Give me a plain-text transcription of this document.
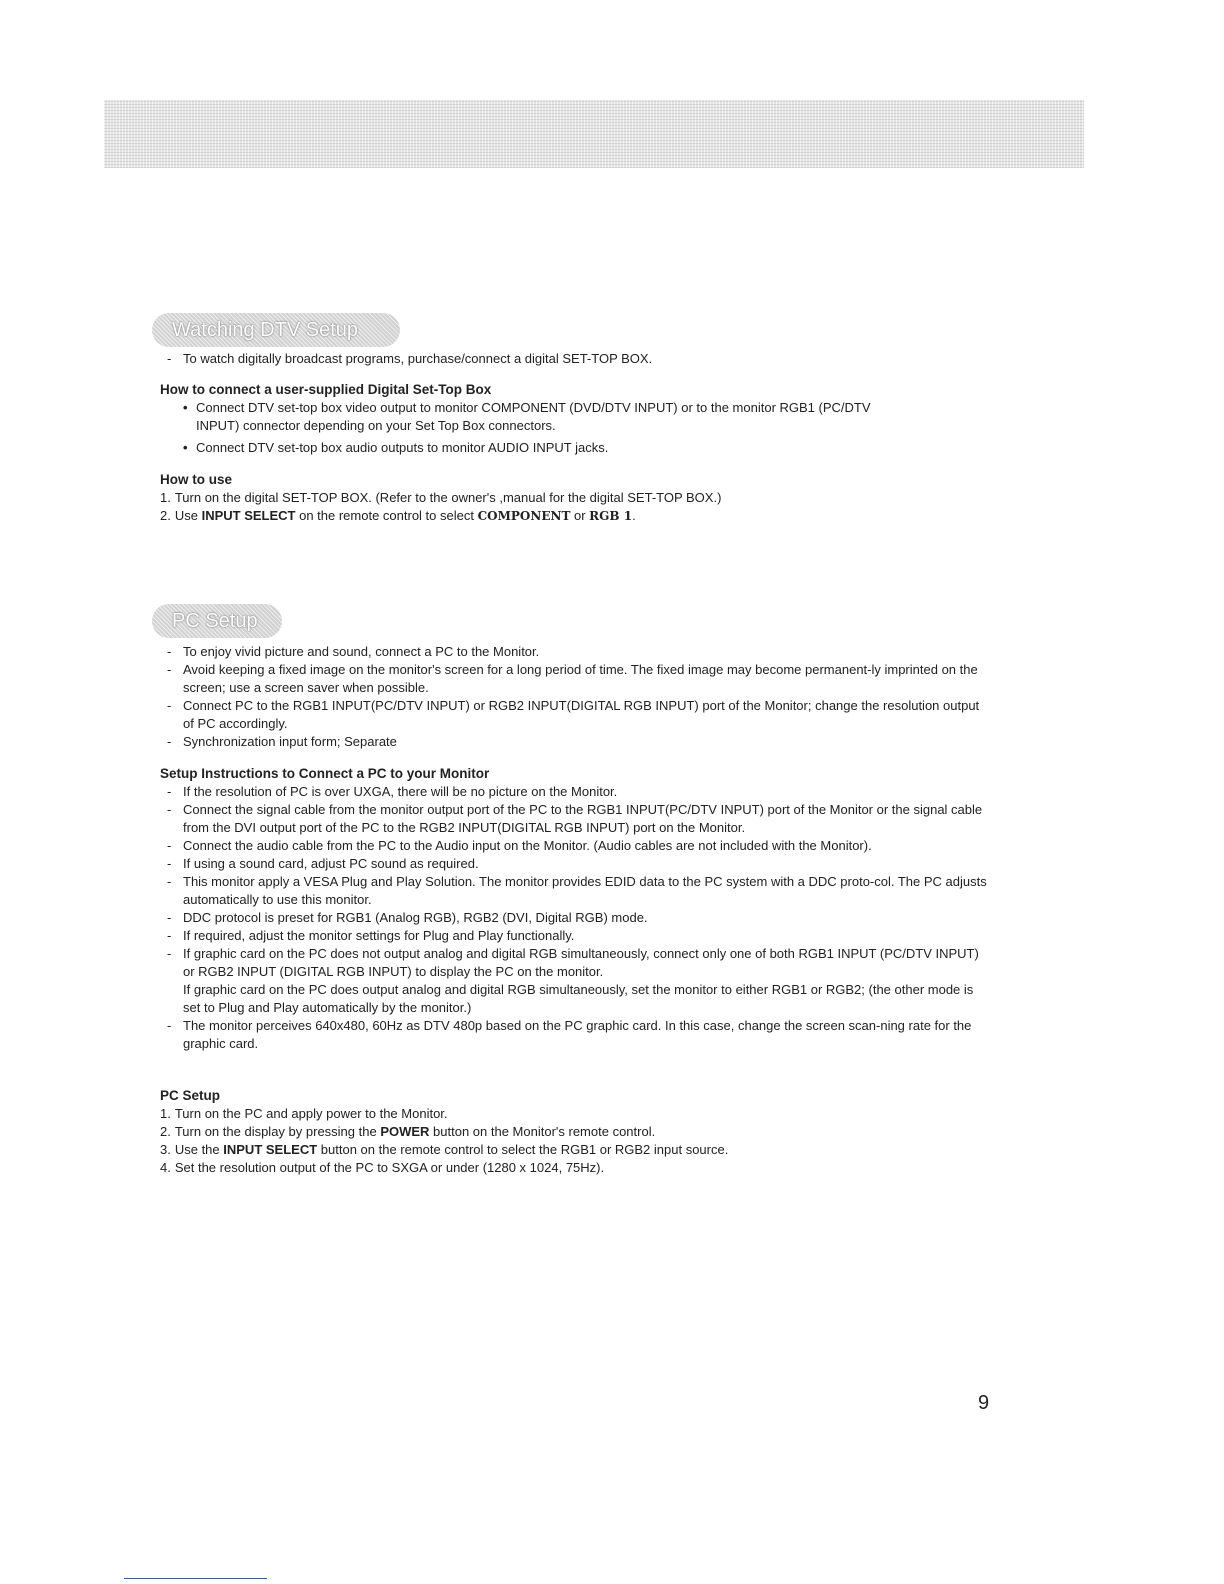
Watching DTV Setup
- To watch digitally broadcast programs, purchase/connect a digital SET-TOP BOX.
How to connect a user-supplied Digital Set-Top Box
• Connect DTV set-top box video output to monitor COMPONENT (DVD/DTV INPUT) or to the monitor RGB1 (PC/DTV
INPUT) connector depending on your Set Top Box connectors.
• Connect DTV set-top box audio outputs to monitor AUDIO INPUT jacks.
How to use
1. Turn on the digital SET-TOP BOX. (Refer to the owner's ,manual for the digital SET-TOP BOX.)
2. Use INPUT SELECT on the remote control to select COMPONENT or RGB 1.
PC Setup
- To enjoy vivid picture and sound, connect a PC to the Monitor.
- Avoid keeping a fixed image on the monitor's screen for a long period of time. The fixed image may become permanent-ly imprinted on the screen; use a screen saver when possible.
- Connect PC to the RGB1 INPUT(PC/DTV INPUT) or RGB2 INPUT(DIGITAL RGB INPUT) port of the Monitor; change the resolution output of PC accordingly.
- Synchronization input form; Separate
Setup Instructions to Connect a PC to your Monitor
- If the resolution of PC is over UXGA, there will be no picture on the Monitor.
- Connect the signal cable from the monitor output port of the PC to the RGB1 INPUT(PC/DTV INPUT) port of the Monitor or the signal cable from the DVI output port of the PC to the RGB2 INPUT(DIGITAL RGB INPUT) port on the Monitor.
- Connect the audio cable from the PC to the Audio input on the Monitor. (Audio cables are not included with the Monitor).
- If using a sound card, adjust PC sound as required.
- This monitor apply a VESA Plug and Play Solution. The monitor provides EDID data to the PC system with a DDC proto-col. The PC adjusts automatically to use this monitor.
- DDC protocol is preset for RGB1 (Analog RGB), RGB2 (DVI, Digital RGB) mode.
- If required, adjust the monitor settings for Plug and Play functionally.
- If graphic card on the PC does not output analog and digital RGB simultaneously, connect only one of both RGB1 INPUT (PC/DTV INPUT) or RGB2 INPUT (DIGITAL RGB INPUT) to display the PC on the monitor.
If graphic card on the PC does output analog and digital RGB simultaneously, set the monitor to either RGB1 or RGB2; (the other mode is set to Plug and Play automatically by the monitor.)
- The monitor perceives 640x480, 60Hz as DTV 480p based on the PC graphic card. In this case, change the screen scan-ning rate for the graphic card.
PC Setup
1. Turn on the PC and apply power to the Monitor.
2. Turn on the display by pressing the POWER button on the Monitor's remote control.
3. Use the INPUT SELECT button on the remote control to select the RGB1 or RGB2 input source.
4. Set the resolution output of the PC to SXGA or under (1280 x 1024, 75Hz).
9
